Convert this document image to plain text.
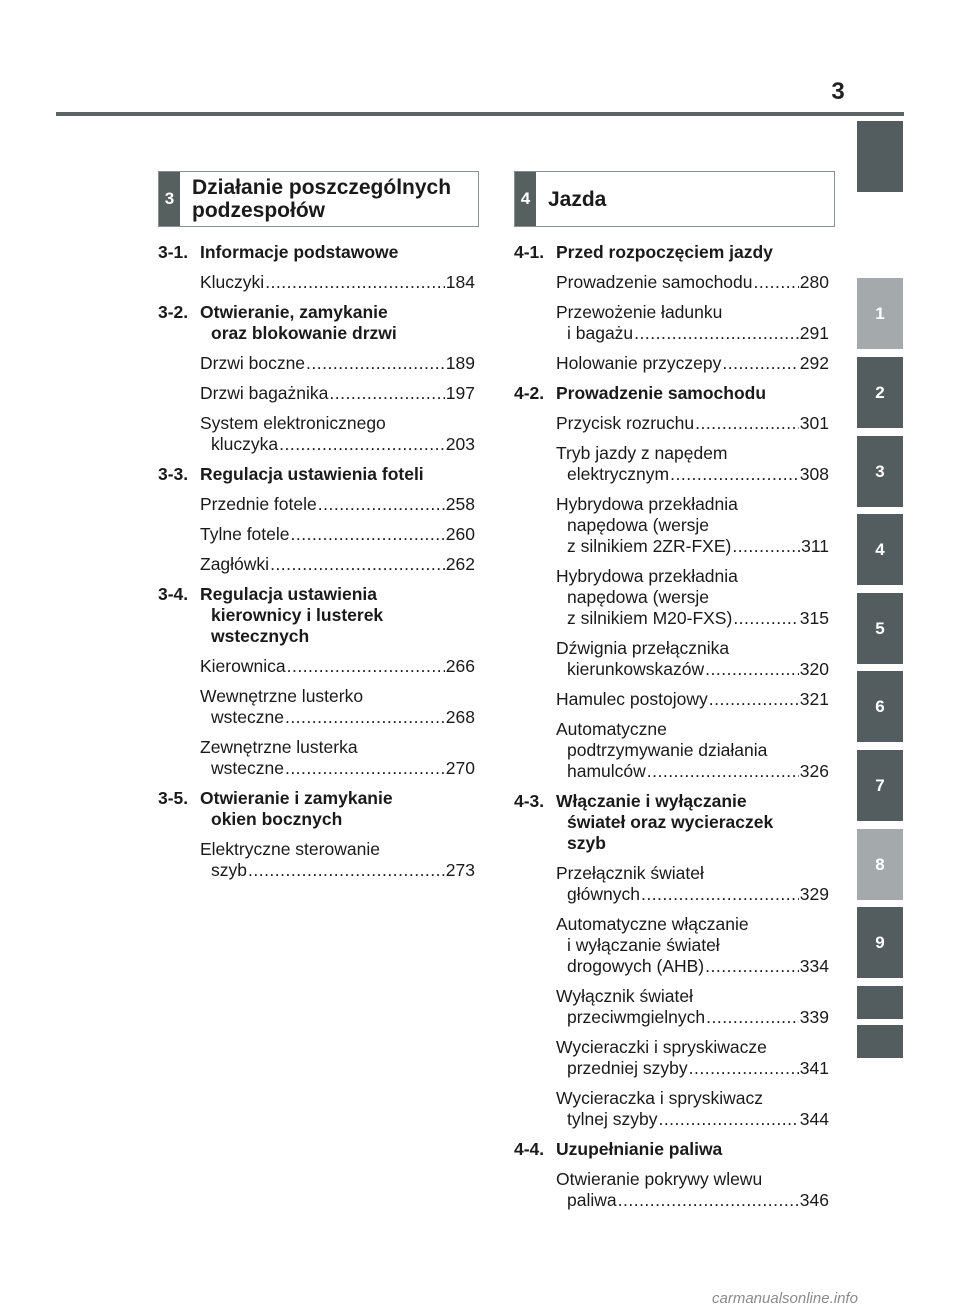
3
1
2
3
4
5
6
7
8
9
3 Działanie poszczególnych
podzespołów
4 Jazda
3-1. Informacje podstawowe
Kluczyki .....	184
3-2. Otwieranie, zamykanie
oraz blokowanie drzwi
Drzwi boczne .....	189
Drzwi bagażnika .....	197
System elektronicznego
kluczyka .....	203
3-3. Regulacja ustawienia foteli
Przednie fotele .....	258
Tylne fotele .....	260
Zagłówki .....	262
3-4. Regulacja ustawienia
kierownicy i lusterek
wstecznych
Kierownica .....	266
Wewnętrzne lusterko
wsteczne .....	268
Zewnętrzne lusterka
wsteczne .....	270
3-5. Otwieranie i zamykanie
okien bocznych
Elektryczne sterowanie
szyb .....	273
4-1. Przed rozpoczęciem jazdy
Prowadzenie samochodu .....	280
Przewożenie ładunku
i bagażu .....	291
Holowanie przyczepy .....	292
4-2. Prowadzenie samochodu
Przycisk rozruchu .....	301
Tryb jazdy z napędem
elektrycznym .....	308
Hybrydowa przekładnia
napędowa (wersje
z silnikiem 2ZR-FXE) .....	311
Hybrydowa przekładnia
napędowa (wersje
z silnikiem M20-FXS) .....	315
Dźwignia przełącznika
kierunkowskazów .....	320
Hamulec postojowy .....	321
Automatyczne
podtrzymywanie działania
hamulców .....	326
4-3. Włączanie i wyłączanie
świateł oraz wycieraczek
szyb
Przełącznik świateł
głównych .....	329
Automatyczne włączanie
i wyłączanie świateł
drogowych (AHB) .....	334
Wyłącznik świateł
przeciwmgielnych .....	339
Wycieraczki i spryskiwacze
przedniej szyby .....	341
Wycieraczka i spryskiwacz
tylnej szyby .....	344
4-4. Uzupełnianie paliwa
Otwieranie pokrywy wlewu
paliwa .....	346
carmanualsonline.info
